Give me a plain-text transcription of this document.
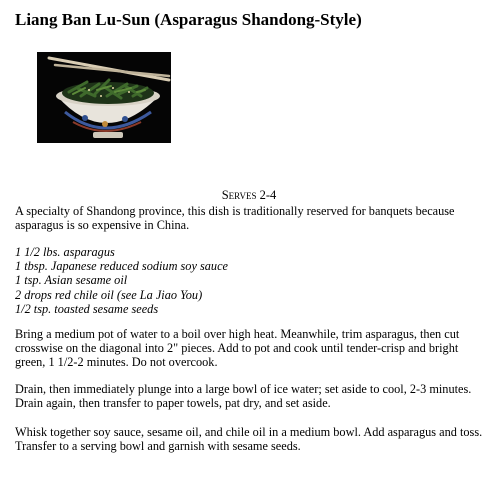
Liang Ban Lu-Sun (Asparagus Shandong-Style)
Serves 2-4

A specialty of Shandong province, this dish is traditionally reserved for banquets because asparagus is so expensive in China.

1 1/2 lbs. asparagus
1 tbsp. Japanese reduced sodium soy sauce
1 tsp. Asian sesame oil
2 drops red chile oil (see La Jiao You)
1/2 tsp. toasted sesame seeds

Bring a medium pot of water to a boil over high heat. Meanwhile, trim asparagus, then cut crosswise on the diagonal into 2" pieces. Add to pot and cook until tender-crisp and bright green, 1 1/2-2 minutes. Do not overcook.

Drain, then immediately plunge into a large bowl of ice water; set aside to cool, 2-3 minutes. Drain again, then transfer to paper towels, pat dry, and set aside.

Whisk together soy sauce, sesame oil, and chile oil in a medium bowl. Add asparagus and toss. Transfer to a serving bowl and garnish with sesame seeds.
